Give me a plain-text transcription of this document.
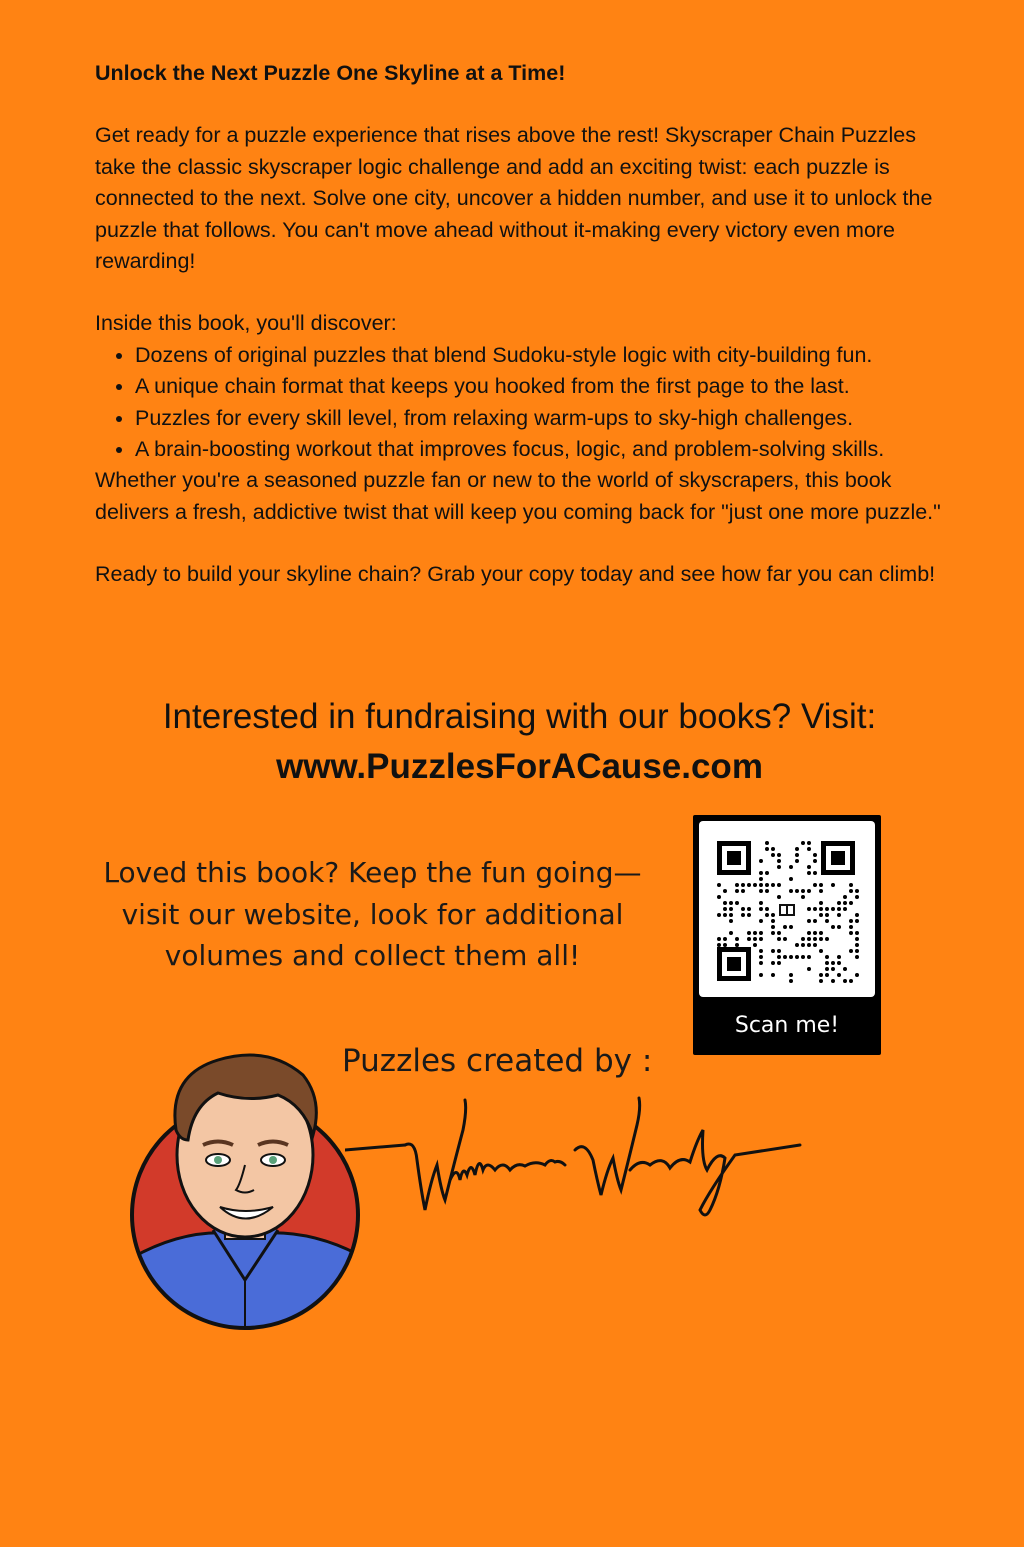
Unlock the Next Puzzle One Skyline at a Time!

Get ready for a puzzle experience that rises above the rest! Skyscraper Chain Puzzles take the classic skyscraper logic challenge and add an exciting twist: each puzzle is connected to the next. Solve one city, uncover a hidden number, and use it to unlock the puzzle that follows. You can't move ahead without it-making every victory even more rewarding!

Inside this book, you'll discover:

• Dozens of original puzzles that blend Sudoku-style logic with city-building fun.
• A unique chain format that keeps you hooked from the first page to the last.
• Puzzles for every skill level, from relaxing warm-ups to sky-high challenges.
• A brain-boosting workout that improves focus, logic, and problem-solving skills.

Whether you're a seasoned puzzle fan or new to the world of skyscrapers, this book delivers a fresh, addictive twist that will keep you coming back for "just one more puzzle."

Ready to build your skyline chain? Grab your copy today and see how far you can climb!

Interested in fundraising with our books? Visit:
www.PuzzlesForACause.com
Loved this book? Keep the fun going—
visit our website, look for additional
volumes and collect them all!
Scan me!
Puzzles created by :
